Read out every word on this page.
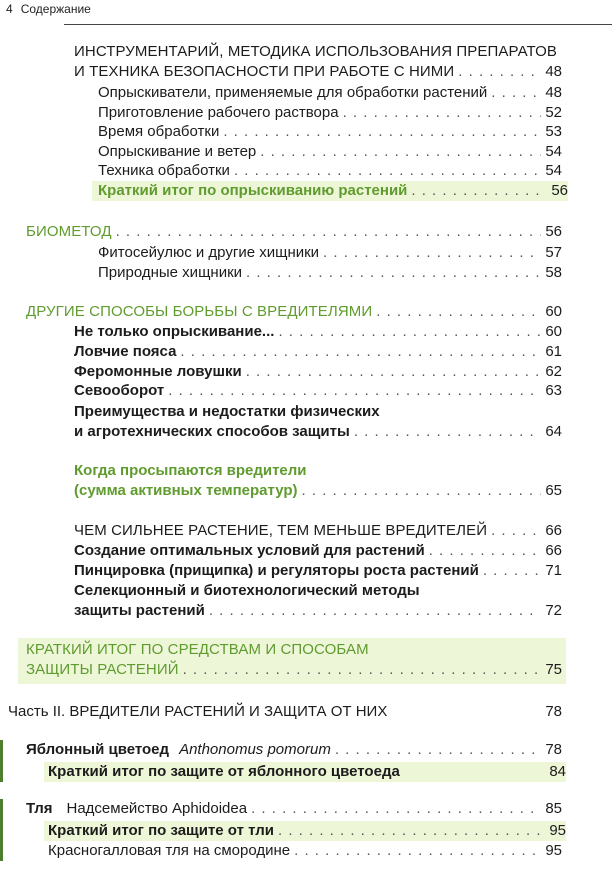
4 Содержание
ИНСТРУМЕНТАРИЙ, МЕТОДИКА ИСПОЛЬЗОВАНИЯ ПРЕПАРАТОВ
И ТЕХНИКА БЕЗОПАСНОСТИ ПРИ РАБОТЕ С НИМИ . . .	48
Опрыскиватели, применяемые для обработки растений . . .	48
Приготовление рабочего раствора . . .	52
Время обработки . . .	53
Опрыскивание и ветер . . .	54
Техника обработки . . .	54
Краткий итог по опрыскиванию растений . . .	56
БИОМЕТОД . . .	56
Фитосейулюс и другие хищники . . .	57
Природные хищники . . .	58
ДРУГИЕ СПОСОБЫ БОРЬБЫ С ВРЕДИТЕЛЯМИ . . .	60
Не только опрыскивание... . . .	60
Ловчие пояса . . .	61
Феромонные ловушки . . .	62
Севооборот . . .	63
Преимущества и недостатки физических
и агротехнических способов защиты . . .	64
Когда просыпаются вредители
(сумма активных температур) . . .	65
ЧЕМ СИЛЬНЕЕ РАСТЕНИЕ, ТЕМ МЕНЬШЕ ВРЕДИТЕЛЕЙ . . .	66
Создание оптимальных условий для растений . . .	66
Пинцировка (прищипка) и регуляторы роста растений . . .	71
Селекционный и биотехнологический методы
защиты растений . . .	72
КРАТКИЙ ИТОГ ПО СРЕДСТВАМ И СПОСОБАМ
ЗАЩИТЫ РАСТЕНИЙ . . .	75
Часть II. ВРЕДИТЕЛИ РАСТЕНИЙ И ЗАЩИТА ОТ НИХ	78
Яблонный цветоед Anthonomus pomorum . . .	78
Краткий итог по защите от яблонного цветоеда	84
Тля Надсемейство Aphidoidea . . .	85
Краткий итог по защите от тли . . .	95
Красногалловая тля на смородине . . .	95
